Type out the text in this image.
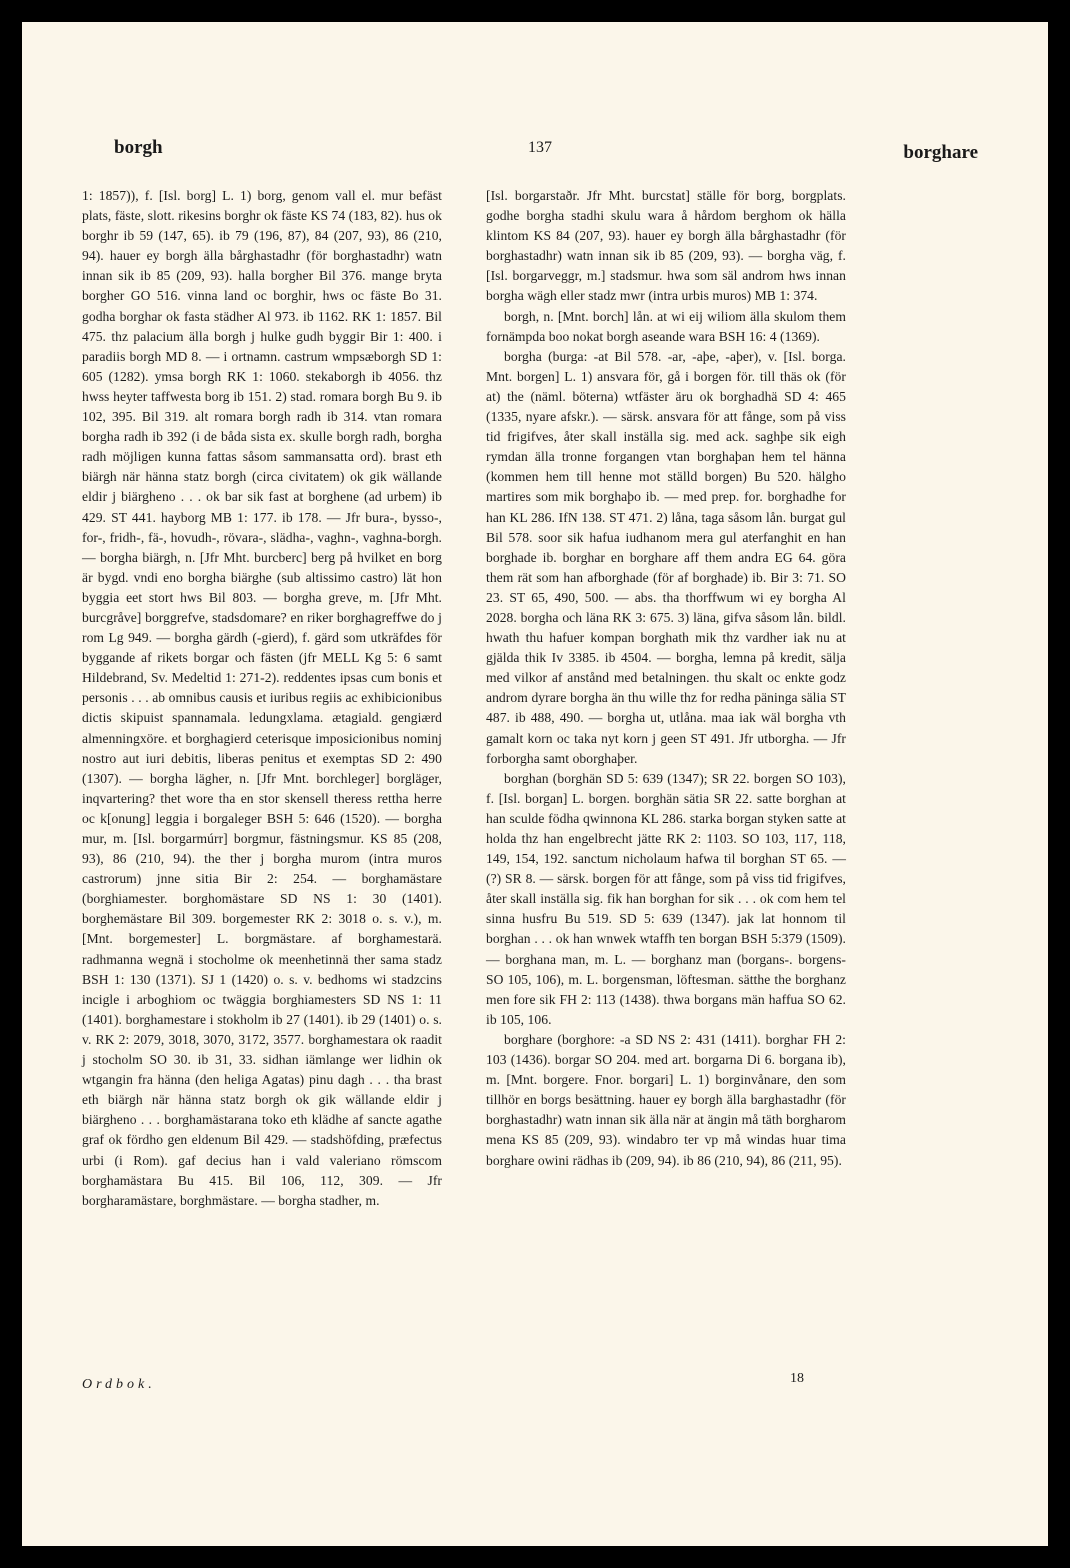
borgh	137	borghare

1: 1857)), f. [Isl. borg] L. 1) borg, genom vall el. mur befäst plats, fäste, slott. rikesins borghr ok fäste KS 74 (183, 82). hus ok borghr ib 59 (147, 65). ib 79 (196, 87), 84 (207, 93), 86 (210, 94). hauer ey borgh älla bårghastadhr (för borghastadhr) watn innan sik ib 85 (209, 93). halla borgher Bil 376. mange bryta borgher GO 516. vinna land oc borghir, hws oc fäste Bo 31. godha borghar ok fasta städher Al 973. ib 1162. RK 1: 1857. Bil 475. thz palacium älla borgh j hulke gudh byggir Bir 1: 400. i paradiis borgh MD 8. — i ortnamn. castrum wmpsæborgh SD 1: 605 (1282). ymsa borgh RK 1: 1060. stekaborgh ib 4056. thz hwss heyter taffwesta borg ib 151. 2) stad. romara borgh Bu 9. ib 102, 395. Bil 319. alt romara borgh radh ib 314. vtan romara borgha radh ib 392 (i de båda sista ex. skulle borgh radh, borgha radh möjligen kunna fattas såsom sammansatta ord). brast eth biärgh när hänna statz borgh (circa civitatem) ok gik wällande eldir j biärgheno . . . ok bar sik fast at borghene (ad urbem) ib 429. ST 441. hayborg MB 1: 177. ib 178. — Jfr bura-, bysso-, for-, fridh-, fä-, hovudh-, rövara-, slädha-, vaghn-, vaghna-borgh. — borgha biärgh, n. [Jfr Mht. burcberc] berg på hvilket en borg är bygd. vndi eno borgha biärghe (sub altissimo castro) lät hon byggia eet stort hws Bil 803. — borgha greve, m. [Jfr Mht. burcgråve] borggrefve, stadsdomare? en riker borghagreffwe do j rom Lg 949. — borgha gärdh (-gierd), f. gärd som utkräfdes för byggande af rikets borgar och fästen (jfr MELL Kg 5: 6 samt Hildebrand, Sv. Medeltid 1: 271-2). reddentes ipsas cum bonis et personis . . . ab omnibus causis et iuribus regiis ac exhibicionibus dictis skipuist spannamala. ledungxlama. ætagiald. gengiærd almenningxöre. et borghagierd ceterisque imposicionibus nominj nostro aut iuri debitis, liberas penitus et exemptas SD 2: 490 (1307). — borgha lägher, n. [Jfr Mnt. borchleger] borgläger, inqvartering? thet wore tha en stor skensell theress rettha herre oc k[onung] leggia i borgaleger BSH 5: 646 (1520). — borgha mur, m. [Isl. borgarmúrr] borgmur, fästningsmur. KS 85 (208, 93), 86 (210, 94). the ther j borgha murom (intra muros castrorum) jnne sitia Bir 2: 254. — borghamästare (borghiamester. borghomästare SD NS 1: 30 (1401). borghemästare Bil 309. borgemester RK 2: 3018 o. s. v.), m. [Mnt. borgemester] L. borgmästare. af borghamestarä. radhmanna wegnä i stocholme ok meenhetinnä ther sama stadz BSH 1: 130 (1371). SJ 1 (1420) o. s. v. bedhoms wi stadzcins incigle i arboghiom oc twäggia borghiamesters SD NS 1: 11 (1401). borghamestare i stokholm ib 27 (1401). ib 29 (1401) o. s. v. RK 2: 2079, 3018, 3070, 3172, 3577. borghamestara ok raadit j stocholm SO 30. ib 31, 33. sidhan iämlange wer lidhin ok wtgangin fra hänna (den heliga Agatas) pinu dagh . . . tha brast eth biärgh när hänna statz borgh ok gik wällande eldir j biärgheno . . . borghamästarana toko eth klädhe af sancte agathe graf ok fördho gen eldenum Bil 429. — stadshöfding, præfectus urbi (i Rom). gaf decius han i vald valeriano römscom borghamästara Bu 415. Bil 106, 112, 309. — Jfr borgharamästare, borghmästare. — borgha stadher, m.

[Isl. borgarstaðr. Jfr Mht. burcstat] ställe för borg, borgplats. godhe borgha stadhi skulu wara å hårdom berghom ok hälla klintom KS 84 (207, 93). hauer ey borgh älla bårghastadhr (för borghastadhr) watn innan sik ib 85 (209, 93). — borgha väg, f. [Isl. borgarveggr, m.] stadsmur. hwa som säl androm hws innan borgha wägh eller stadz mwr (intra urbis muros) MB 1: 374.

borgh, n. [Mnt. borch] lån. at wi eij wiliom älla skulom them fornämpda boo nokat borgh aseande wara BSH 16: 4 (1369).

borgha (burga: -at Bil 578. -ar, -aþe, -aþer), v. [Isl. borga. Mnt. borgen] L. 1) ansvara för, gå i borgen för. till thäs ok (för at) the (näml. böterna) wtfäster äru ok borghadhä SD 4: 465 (1335, nyare afskr.). — särsk. ansvara för att fånge, som på viss tid frigifves, åter skall inställa sig. med ack. saghþe sik eigh rymdan älla tronne forgangen vtan borghaþan hem tel hänna (kommen hem till henne mot ställd borgen) Bu 520. hälgho martires som mik borghaþo ib. — med prep. for. borghadhe for han KL 286. IfN 138. ST 471. 2) låna, taga såsom lån. burgat gul Bil 578. soor sik hafua iudhanom mera gul aterfanghit en han borghade ib. borghar en borghare aff them andra EG 64. göra them rät som han afborghade (för af borghade) ib. Bir 3: 71. SO 23. ST 65, 490, 500. — abs. tha thorffwum wi ey borgha Al 2028. borgha och läna RK 3: 675. 3) läna, gifva såsom lån. bildl. hwath thu hafuer kompan borghath mik thz vardher iak nu at gjälda thik Iv 3385. ib 4504. — borgha, lemna på kredit, sälja med vilkor af anstånd med betalningen. thu skalt oc enkte godz androm dyrare borgha än thu wille thz for redha päninga sälia ST 487. ib 488, 490. — borgha ut, utlåna. maa iak wäl borgha vth gamalt korn oc taka nyt korn j geen ST 491. Jfr utborgha. — Jfr forborgha samt oborghaþer.

borghan (borghän SD 5: 639 (1347); SR 22. borgen SO 103), f. [Isl. borgan] L. borgen. borghän sätia SR 22. satte borghan at han sculde födha qwinnona KL 286. starka borgan styken satte at holda thz han engelbrecht jätte RK 2: 1103. SO 103, 117, 118, 149, 154, 192. sanctum nicholaum hafwa til borghan ST 65. — (?) SR 8. — särsk. borgen för att fånge, som på viss tid frigifves, åter skall inställa sig. fik han borghan for sik . . . ok com hem tel sinna husfru Bu 519. SD 5: 639 (1347). jak lat honnom til borghan . . . ok han wnwek wtaffh ten borgan BSH 5:379 (1509). — borghana man, m. L. — borghanz man (borgans-. borgens- SO 105, 106), m. L. borgensman, löftesman. sätthe the borghanz men fore sik FH 2: 113 (1438). thwa borgans män haffua SO 62. ib 105, 106.

borghare (borghore: -a SD NS 2: 431 (1411). borghar FH 2: 103 (1436). borgar SO 204. med art. borgarna Di 6. borgana ib), m. [Mnt. borgere. Fnor. borgari] L. 1) borginvånare, den som tillhör en borgs besättning. hauer ey borgh älla barghastadhr (för borghastadhr) watn innan sik älla när at ängin må täth borgharom mena KS 85 (209, 93). windabro ter vp må windas huar tima borghare owini rädhas ib (209, 94). ib 86 (210, 94), 86 (211, 95).

Ordbok.	18
